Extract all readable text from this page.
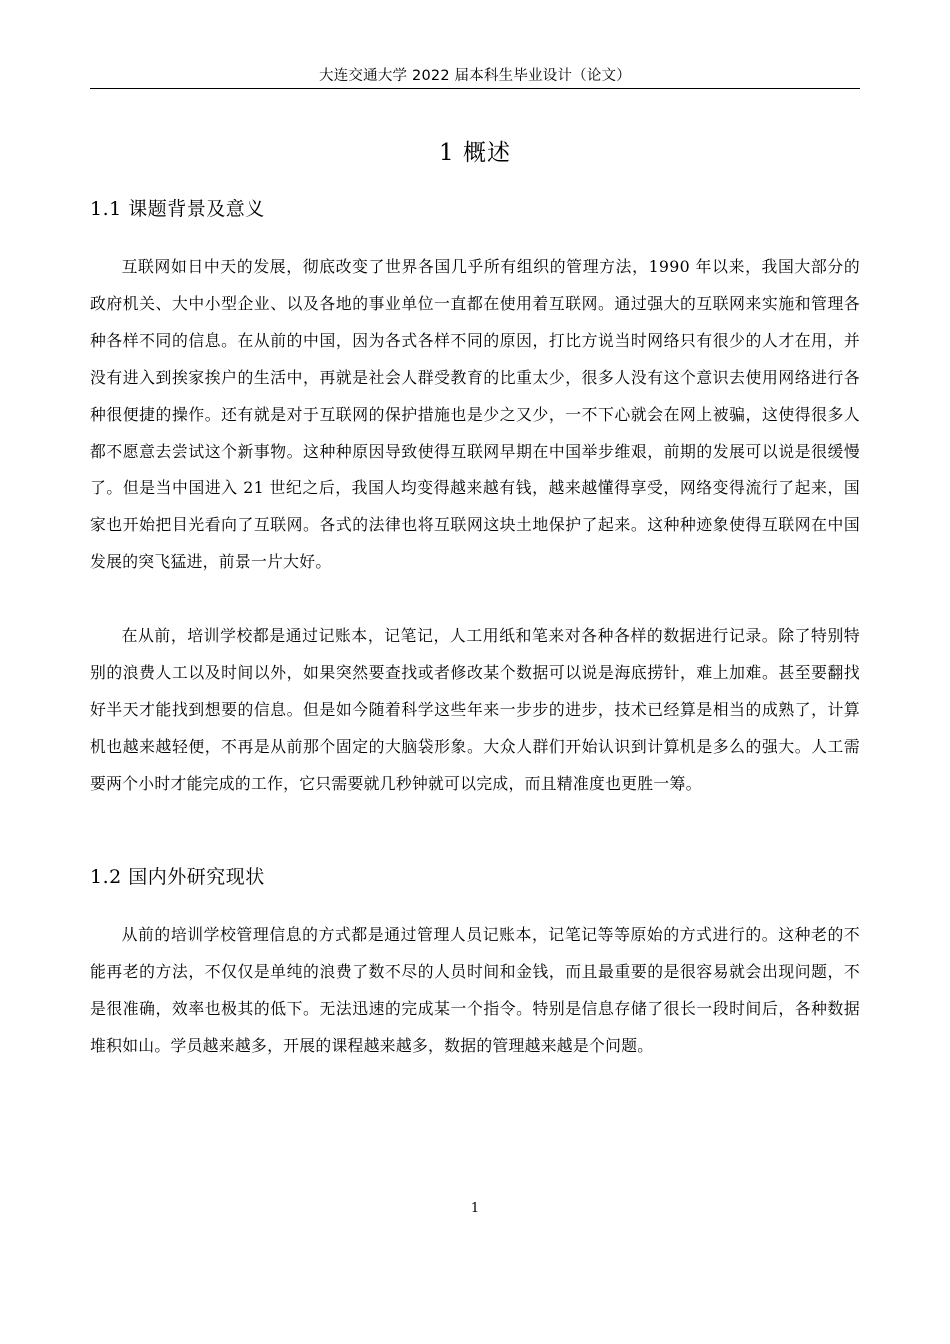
大连交通大学 2022 届本科生毕业设计（论文）
1 概述
1.1 课题背景及意义
互联网如日中天的发展，彻底改变了世界各国几乎所有组织的管理方法，1990 年以来，我国大部分的政府机关、大中小型企业、以及各地的事业单位一直都在使用着互联网。通过强大的互联网来实施和管理各种各样不同的信息。在从前的中国，因为各式各样不同的原因，打比方说当时网络只有很少的人才在用，并没有进入到挨家挨户的生活中，再就是社会人群受教育的比重太少，很多人没有这个意识去使用网络进行各种很便捷的操作。还有就是对于互联网的保护措施也是少之又少，一不下心就会在网上被骗，这使得很多人都不愿意去尝试这个新事物。这种种原因导致使得互联网早期在中国举步维艰，前期的发展可以说是很缓慢了。但是当中国进入 21 世纪之后，我国人均变得越来越有钱，越来越懂得享受，网络变得流行了起来，国家也开始把目光看向了互联网。各式的法律也将互联网这块土地保护了起来。这种种迹象使得互联网在中国发展的突飞猛进，前景一片大好。
在从前，培训学校都是通过记账本，记笔记，人工用纸和笔来对各种各样的数据进行记录。除了特别特别的浪费人工以及时间以外，如果突然要查找或者修改某个数据可以说是海底捞针，难上加难。甚至要翻找好半天才能找到想要的信息。但是如今随着科学这些年来一步步的进步，技术已经算是相当的成熟了，计算机也越来越轻便，不再是从前那个固定的大脑袋形象。大众人群们开始认识到计算机是多么的强大。人工需要两个小时才能完成的工作，它只需要就几秒钟就可以完成，而且精准度也更胜一筹。
1.2 国内外研究现状
从前的培训学校管理信息的方式都是通过管理人员记账本，记笔记等等原始的方式进行的。这种老的不能再老的方法，不仅仅是单纯的浪费了数不尽的人员时间和金钱，而且最重要的是很容易就会出现问题，不是很准确，效率也极其的低下。无法迅速的完成某一个指令。特别是信息存储了很长一段时间后，各种数据堆积如山。学员越来越多，开展的课程越来越多，数据的管理越来越是个问题。
1
